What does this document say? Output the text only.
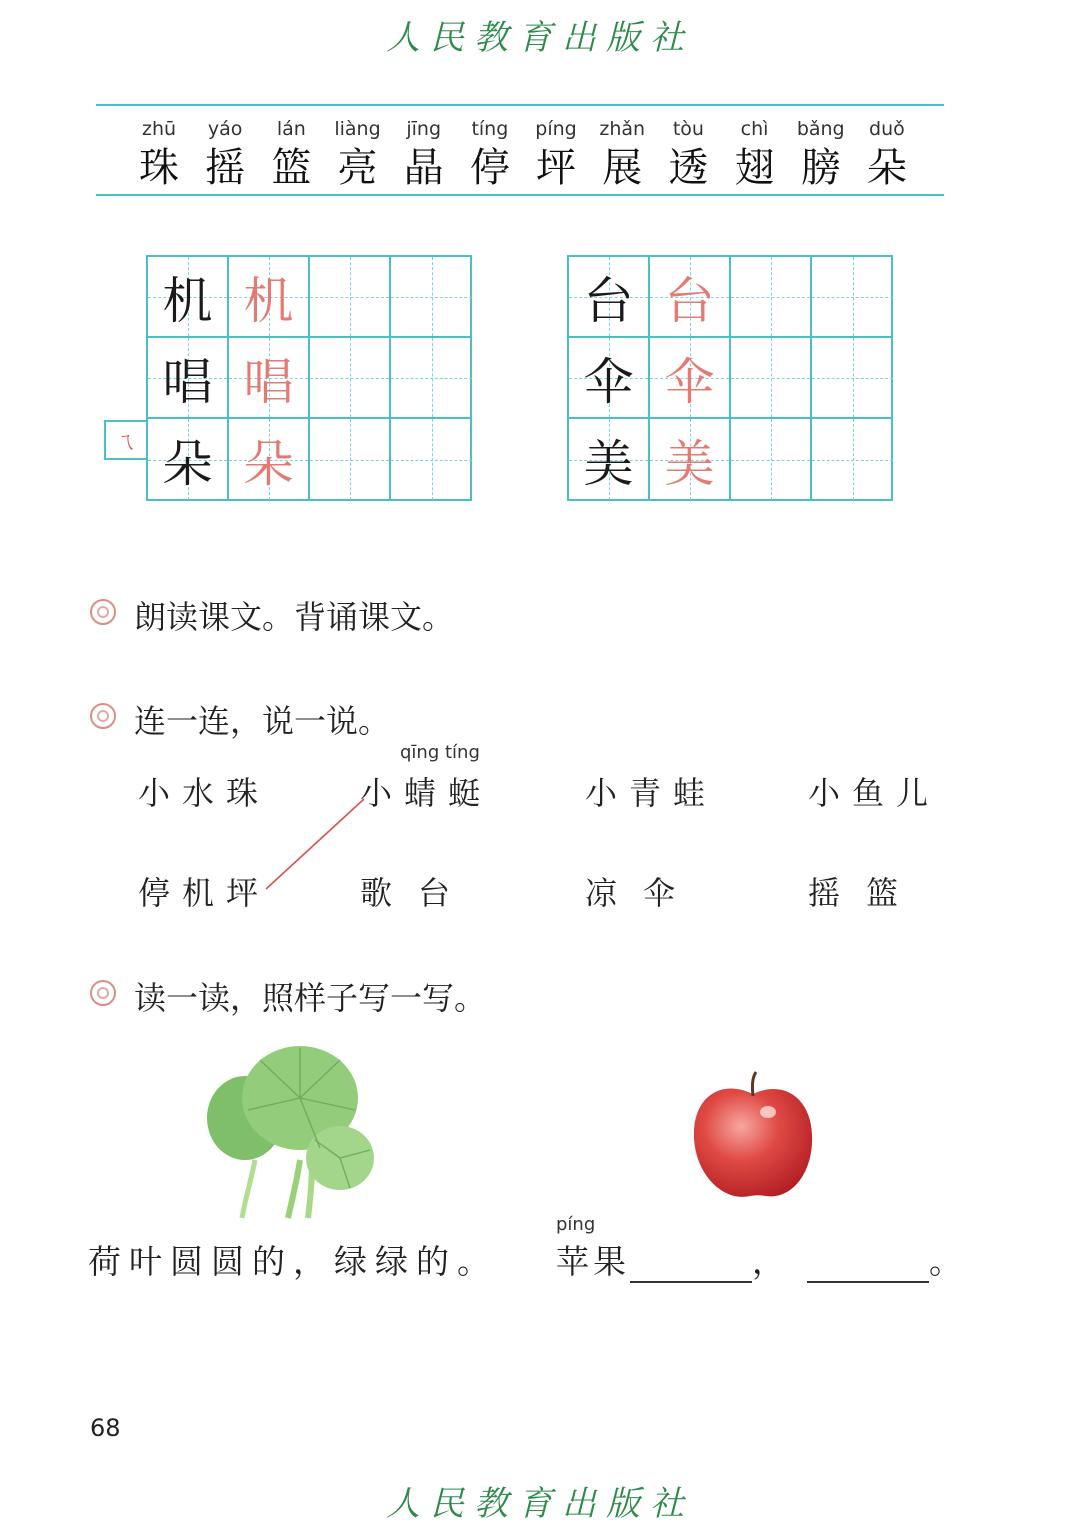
人民教育出版社
zhū
珠
yáo
摇
lán
篮
liàng
亮
jīng
晶
tíng
停
píng
坪
zhǎn
展
tòu
透
chì
翅
bǎng
膀
duǒ
朵
机 机
唱 唱
朵 朵
ㄟ
台 台
伞 伞
美 美
朗读课文。背诵课文。
连一连，说一说。
qīng tíng
小水珠	小蜻蜓	小青蛙	小鱼儿
停机坪	歌台	凉伞	摇篮
读一读，照样子写一写。
荷叶圆圆的，绿绿的。
píng
苹果	，	。
68
人民教育出版社
